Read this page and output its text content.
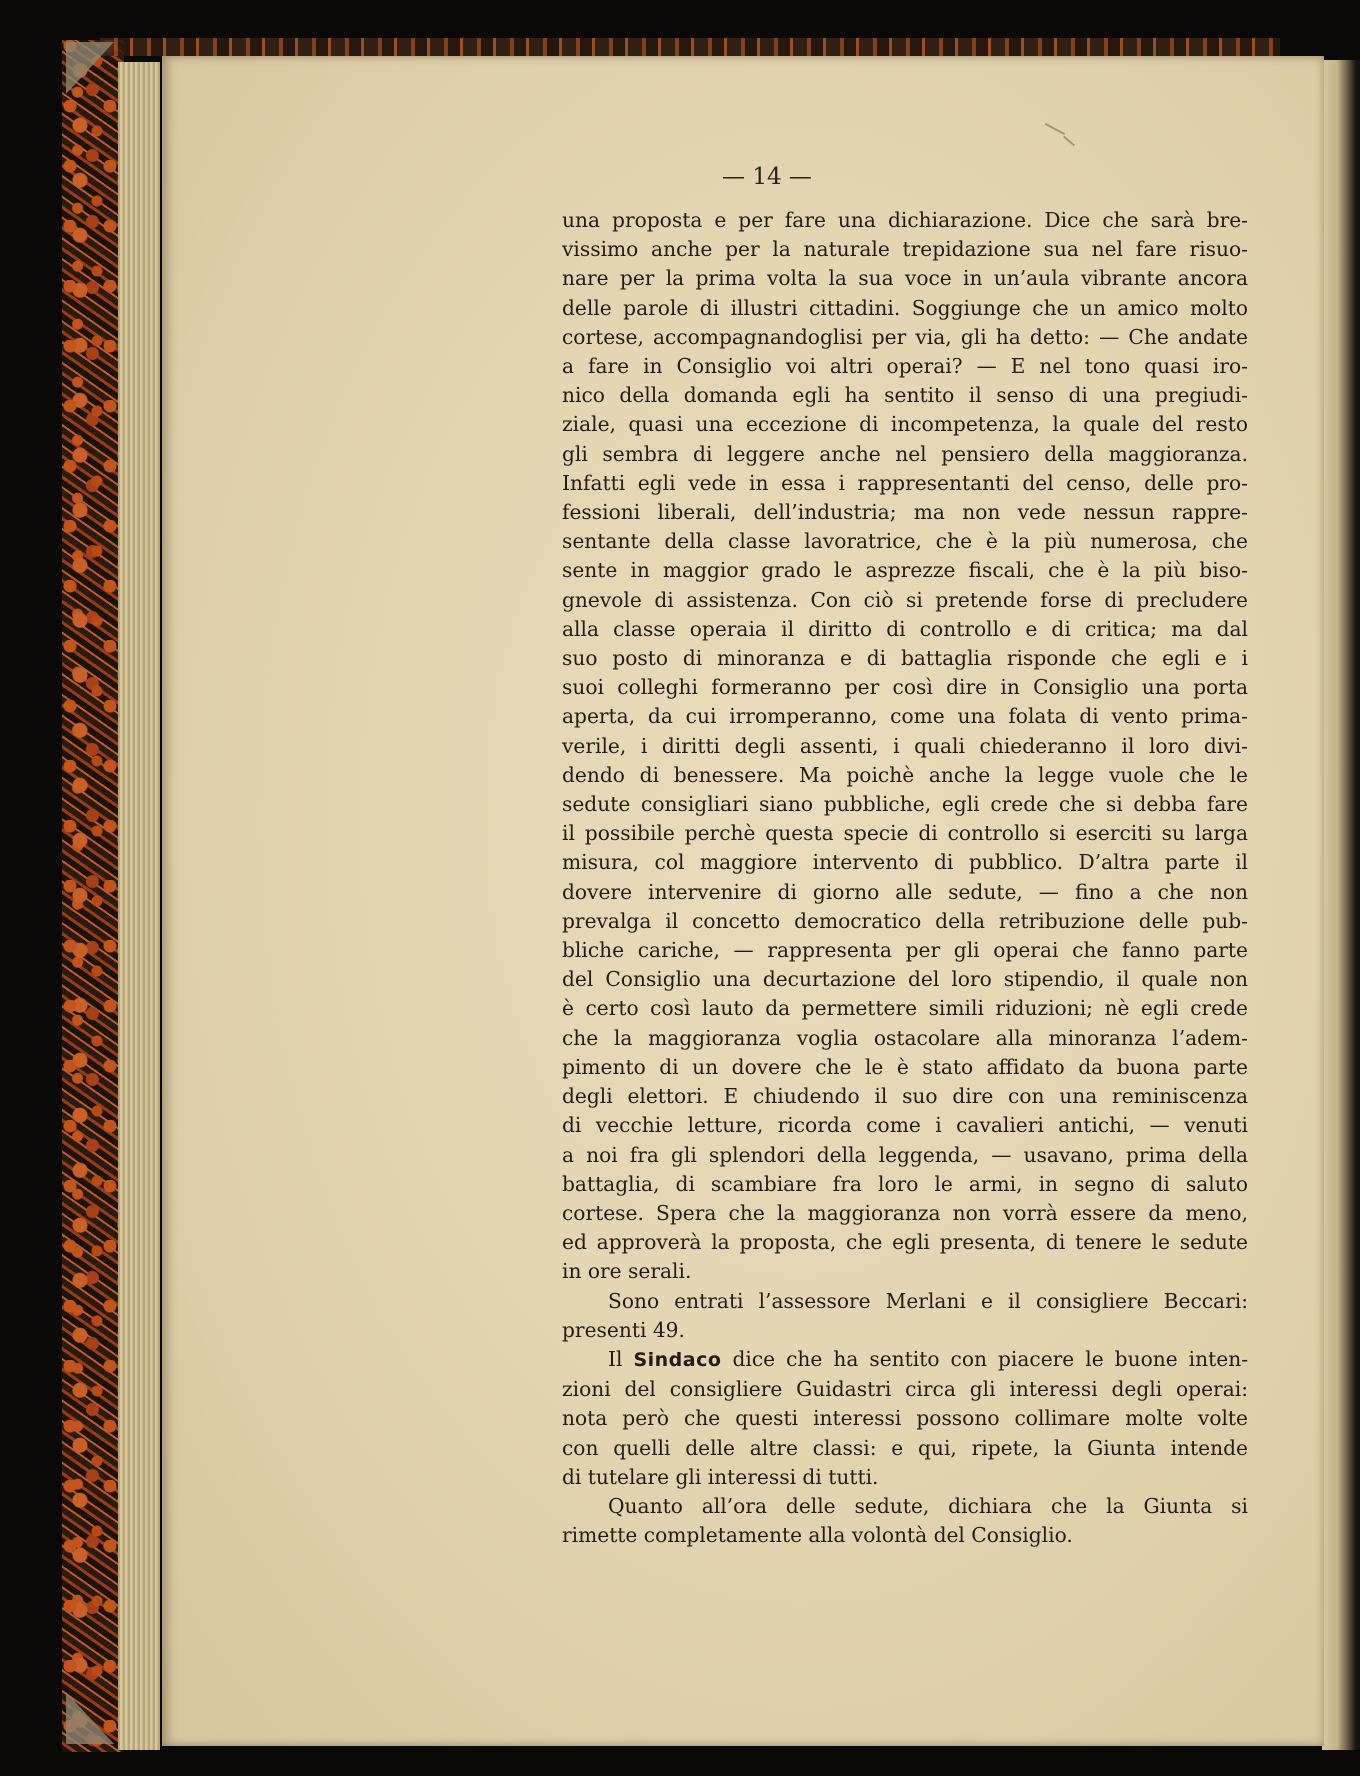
— 14 —
una proposta e per fare una dichiarazione. Dice che sarà bre-
vissimo anche per la naturale trepidazione sua nel fare risuo-
nare per la prima volta la sua voce in un’aula vibrante ancora
delle parole di illustri cittadini. Soggiunge che un amico molto
cortese, accompagnandoglisi per via, gli ha detto: — Che andate
a fare in Consiglio voi altri operai? — E nel tono quasi iro-
nico della domanda egli ha sentito il senso di una pregiudi-
ziale, quasi una eccezione di incompetenza, la quale del resto
gli sembra di leggere anche nel pensiero della maggioranza.
Infatti egli vede in essa i rappresentanti del censo, delle pro-
fessioni liberali, dell’industria; ma non vede nessun rappre-
sentante della classe lavoratrice, che è la più numerosa, che
sente in maggior grado le asprezze fiscali, che è la più biso-
gnevole di assistenza. Con ciò si pretende forse di precludere
alla classe operaia il diritto di controllo e di critica; ma dal
suo posto di minoranza e di battaglia risponde che egli e i
suoi colleghi formeranno per così dire in Consiglio una porta
aperta, da cui irromperanno, come una folata di vento prima-
verile, i diritti degli assenti, i quali chiederanno il loro divi-
dendo di benessere. Ma poichè anche la legge vuole che le
sedute consigliari siano pubbliche, egli crede che si debba fare
il possibile perchè questa specie di controllo si eserciti su larga
misura, col maggiore intervento di pubblico. D’altra parte il
dovere intervenire di giorno alle sedute, — fino a che non
prevalga il concetto democratico della retribuzione delle pub-
bliche cariche, — rappresenta per gli operai che fanno parte
del Consiglio una decurtazione del loro stipendio, il quale non
è certo così lauto da permettere simili riduzioni; nè egli crede
che la maggioranza voglia ostacolare alla minoranza l’adem-
pimento di un dovere che le è stato affidato da buona parte
degli elettori. E chiudendo il suo dire con una reminiscenza
di vecchie letture, ricorda come i cavalieri antichi, — venuti
a noi fra gli splendori della leggenda, — usavano, prima della
battaglia, di scambiare fra loro le armi, in segno di saluto
cortese. Spera che la maggioranza non vorrà essere da meno,
ed approverà la proposta, che egli presenta, di tenere le sedute
in ore serali.
Sono entrati l’assessore Merlani e il consigliere Beccari:
presenti 49.
Il Sindaco dice che ha sentito con piacere le buone inten-
zioni del consigliere Guidastri circa gli interessi degli operai:
nota però che questi interessi possono collimare molte volte
con quelli delle altre classi: e qui, ripete, la Giunta intende
di tutelare gli interessi di tutti.
Quanto all’ora delle sedute, dichiara che la Giunta si
rimette completamente alla volontà del Consiglio.
